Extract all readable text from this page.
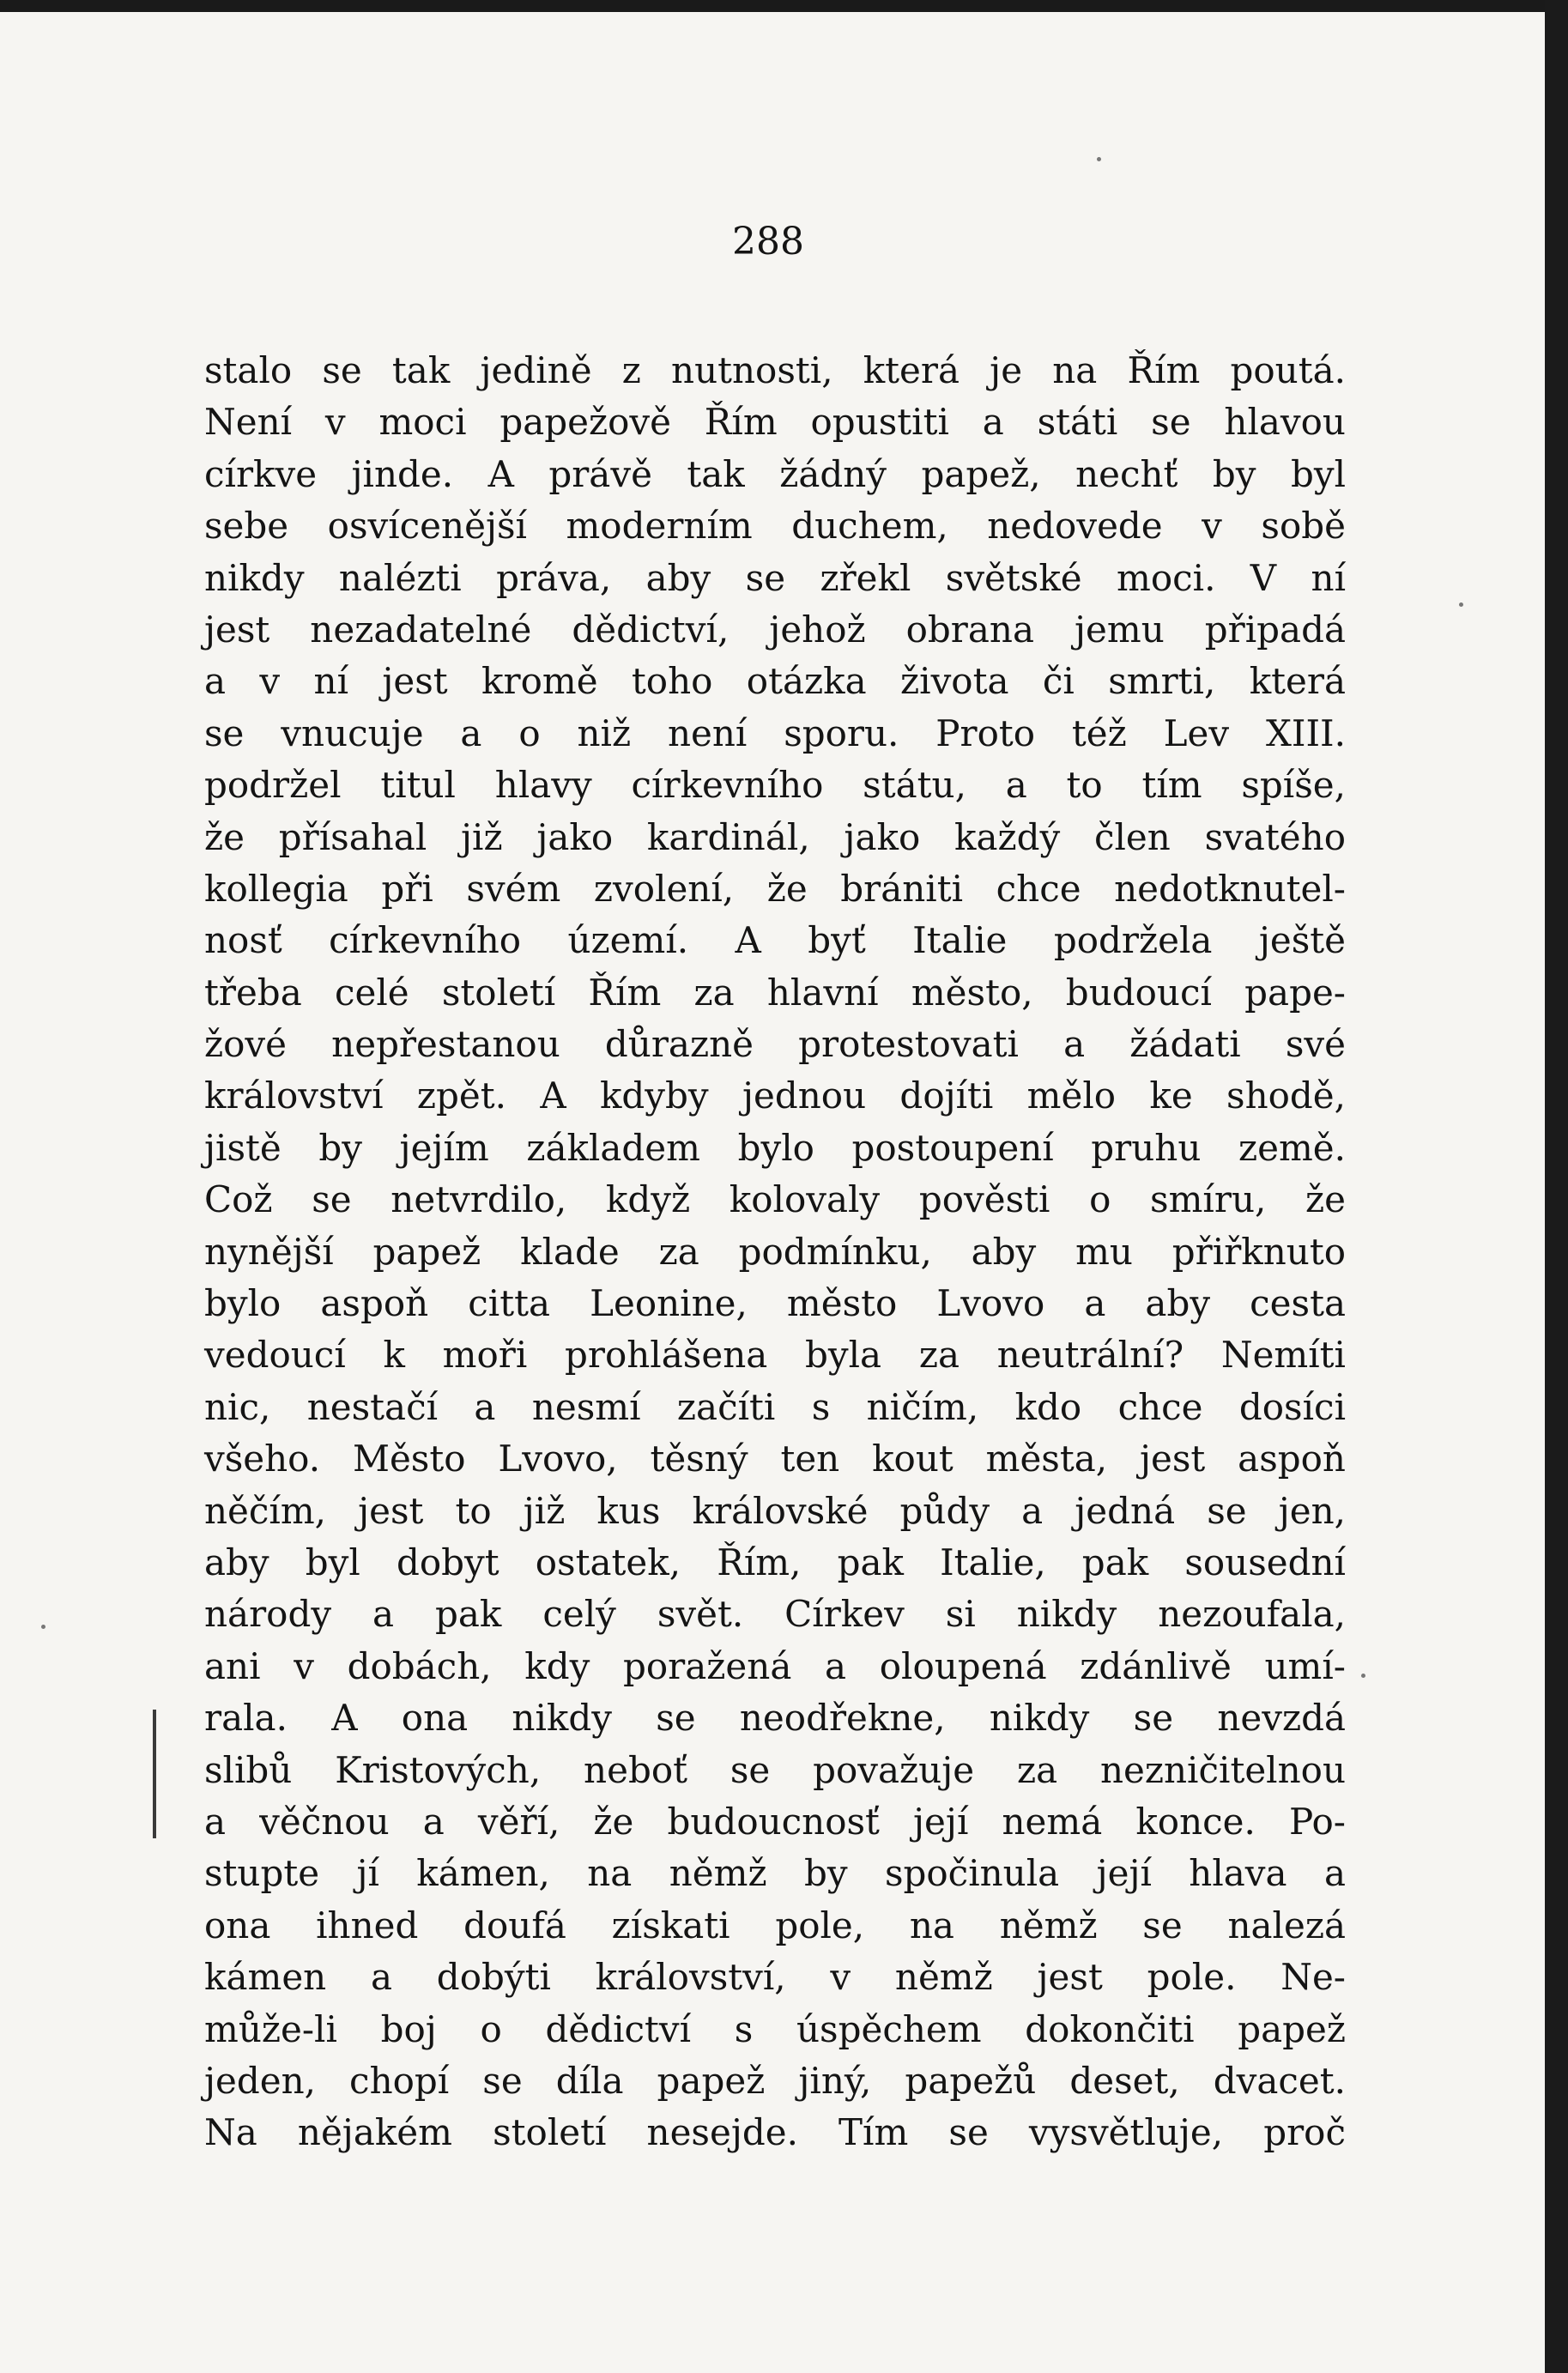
288
stalo se tak jedině z nutnosti, která je na Řím poutá.
Není v moci papežově Řím opustiti a státi se hlavou
církve jinde. A právě tak žádný papež, nechť by byl
sebe osvícenější moderním duchem, nedovede v sobě
nikdy nalézti práva, aby se zřekl světské moci. V ní
jest nezadatelné dědictví, jehož obrana jemu připadá
a v ní jest kromě toho otázka života či smrti, která
se vnucuje a o niž není sporu. Proto též Lev XIII.
podržel titul hlavy církevního státu, a to tím spíše,
že přísahal již jako kardinál, jako každý člen svatého
kollegia při svém zvolení, že brániti chce nedotknutel-
nosť církevního území. A byť Italie podržela ještě
třeba celé století Řím za hlavní město, budoucí pape-
žové nepřestanou důrazně protestovati a žádati své
království zpět. A kdyby jednou dojíti mělo ke shodě,
jistě by jejím základem bylo postoupení pruhu země.
Což se netvrdilo, když kolovaly pověsti o smíru, že
nynější papež klade za podmínku, aby mu přiřknuto
bylo aspoň citta Leonine, město Lvovo a aby cesta
vedoucí k moři prohlášena byla za neutrální? Nemíti
nic, nestačí a nesmí začíti s ničím, kdo chce dosíci
všeho. Město Lvovo, těsný ten kout města, jest aspoň
něčím, jest to již kus královské půdy a jedná se jen,
aby byl dobyt ostatek, Řím, pak Italie, pak sousední
národy a pak celý svět. Církev si nikdy nezoufala,
ani v dobách, kdy poražená a oloupená zdánlivě umí-
rala. A ona nikdy se neodřekne, nikdy se nevzdá
slibů Kristových, neboť se považuje za nezničitelnou
a věčnou a věří, že budoucnosť její nemá konce. Po-
stupte jí kámen, na němž by spočinula její hlava a
ona ihned doufá získati pole, na němž se nalezá
kámen a dobýti království, v němž jest pole. Ne-
může-li boj o dědictví s úspěchem dokončiti papež
jeden, chopí se díla papež jiný, papežů deset, dvacet.
Na nějakém století nesejde. Tím se vysvětluje, proč
